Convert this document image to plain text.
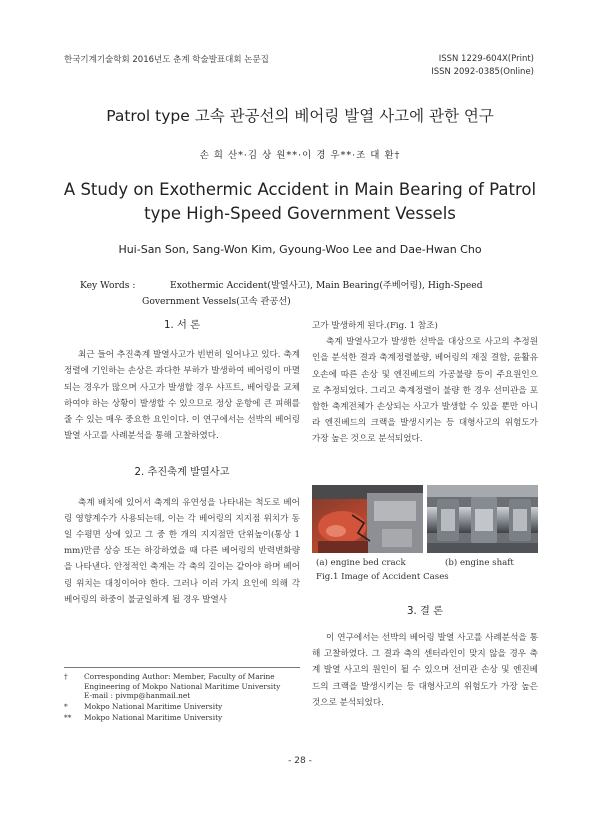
한국기계기술학회 2016년도 춘계 학술발표대회 논문집	ISSN 1229-604X(Print)
ISSN 2092-0385(Online)
Patrol type 고속 관공선의 베어링 발열 사고에 관한 연구
손 희 산*·김 상 원**·이 경 우**·조 대 환†
A Study on Exothermic Accident in Main Bearing of Patrol
type High-Speed Government Vessels
Hui-San Son, Sang-Won Kim, Gyoung-Woo Lee and Dae-Hwan Cho
Key Words :	Exothermic Accident(발열사고), Main Bearing(주베어링), High-Speed
Government Vessels(고속 관공선)

1. 서 론

최근 들어 추진축계 발열사고가 빈번히 일어나고 있다. 축계정렬에 기인하는 손상은 과다한 부하가 발생하여 베어링이 마멸되는 경우가 많으며 사고가 발생할 경우 샤프트, 베어링을 교체하여야 하는 상황이 발생할 수 있으므로 정상 운항에 큰 피해를 줄 수 있는 매우 중요한 요인이다. 이 연구에서는 선박의 베어링 발열 사고를 사례분석을 통해 고찰하였다.

2. 추진축계 발열사고

축계 배치에 있어서 축계의 유연성을 나타내는 척도로 베어링 영향계수가 사용되는데, 이는 각 베어링의 지지점 위치가 동일 수평면 상에 있고 그 중 한 개의 지지점만 단위높이(통상 1 mm)만큼 상승 또는 하강하였을 때 다른 베어링의 반력변화량을 나타낸다. 안정적인 축계는 각 축의 길이는 같아야 하며 베어링 위치는 대칭이어야 한다. 그러나 이러 가지 요인에 의해 각 베어링의 하중이 불균일하게 될 경우 발열사

고가 발생하게 된다.(Fig. 1 참조)

축계 발열사고가 발생한 선박을 대상으로 사고의 추정원인을 분석한 결과 축계정렬불량, 베어링의 재질 결함, 윤활유 오손에 따른 손상 및 엔진베드의 가공불량 등이 주요원인으로 추정되었다. 그리고 축계정렬이 불량 한 경우 선미관을 포함한 축계전체가 손상되는 사고가 발생할 수 있을 뿐만 아니라 엔진베드의 크랙을 발생시키는 등 대형사고의 위험도가 가장 높은 것으로 분석되었다.

(a) engine bed crack	(b) engine shaft
Fig.1 Image of Accident Cases

3. 결 론

이 연구에서는 선박의 베어링 발열 사고를 사례분석을 통해 고찰하였다. 그 결과 축의 센터라인이 맞지 않을 경우 축계 발열 사고의 원인이 될 수 있으며 선미관 손상 및 엔진베드의 크랙을 발생시키는 등 대형사고의 위험도가 가장 높은 것으로 분석되었다.

† Corresponding Author: Member, Faculty of Marine
Engineering of Mokpo National Maritime University
E-mail : pivmp@hanmail.net
* Mokpo National Maritime University
** Mokpo National Maritime University
- 28 -
